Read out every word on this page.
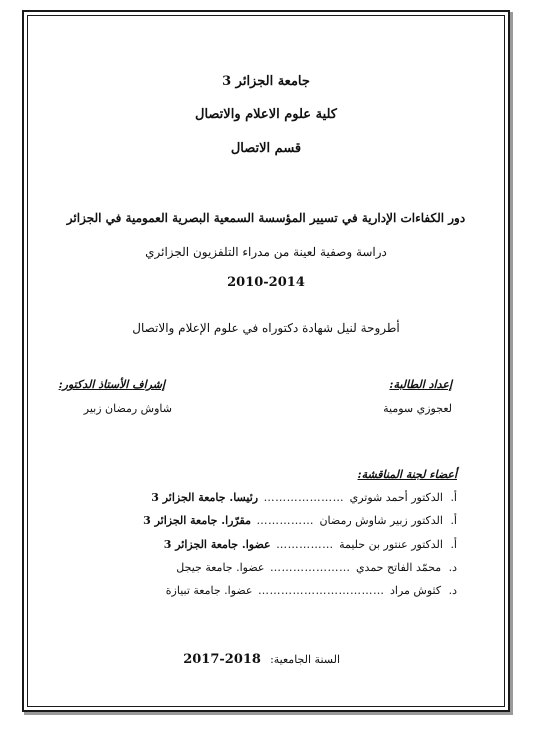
جامعة الجزائر 3
كلية علوم الاعلام والاتصال
قسم الاتصال
دور الكفاءات الإدارية في تسيير المؤسسة السمعية البصرية العمومية في الجزائر
دراسة وصفية لعينة من مدراء التلفزيون الجزائري
2010-2014
أطروحة لنيل شهادة دكتوراه في علوم الإعلام والاتصال
إعداد الطالبة:
لعجوزي سومية
إشراف الأستاذ الدكتور:
شاوش رمضان زبير
أعضاء لجنة المناقشة:
أ. الدكتور أحمد شوتري ………………… رئيسا. جامعة الجزائر 3
أ. الدكتور زبير شاوش رمضان …………… مقرّرا. جامعة الجزائر 3
أ. الدكتور عنتور بن حليمة …………… عضوا. جامعة الجزائر 3
د. محمّد الفاتح حمدي ………………… عضوا. جامعة جيجل
د. كثوش مراد …………………………… عضوا. جامعة تبيازة
السنة الجامعية: 2017-2018
